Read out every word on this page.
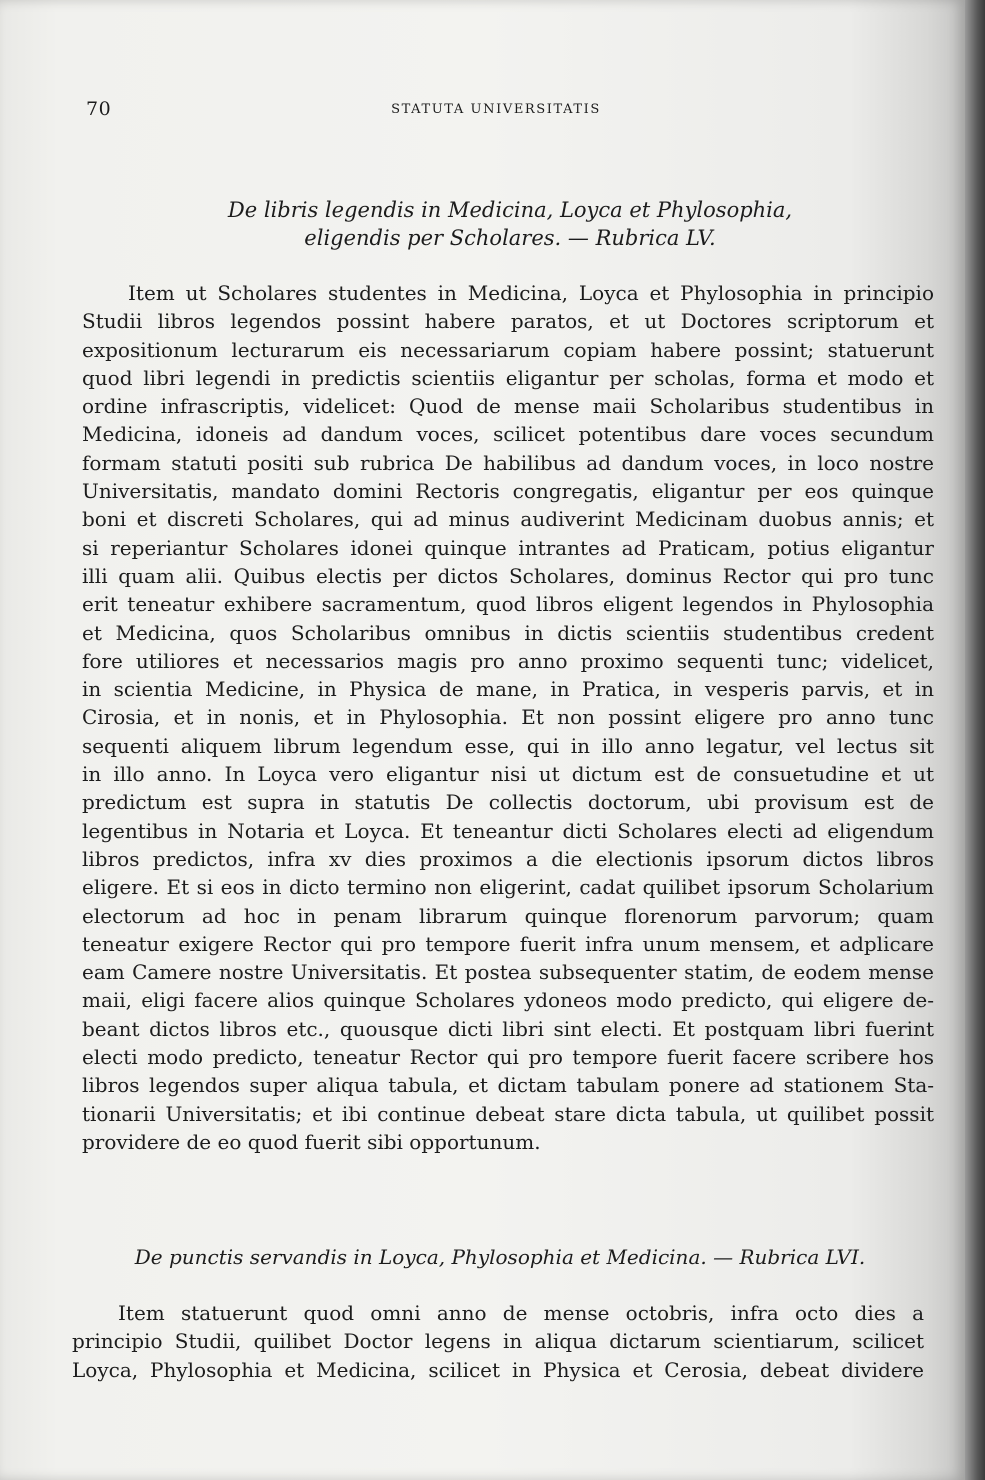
70	STATUTA UNIVERSITATIS
De libris legendis in Medicina, Loyca et Phylosophia,
eligendis per Scholares. — Rubrica LV.
Item ut Scholares studentes in Medicina, Loyca et Phylosophia in principio
Studii libros legendos possint habere paratos, et ut Doctores scriptorum et
expositionum lecturarum eis necessariarum copiam habere possint; statuerunt
quod libri legendi in predictis scientiis eligantur per scholas, forma et modo et
ordine infrascriptis, videlicet: Quod de mense maii Scholaribus studentibus in
Medicina, idoneis ad dandum voces, scilicet potentibus dare voces secundum
formam statuti positi sub rubrica De habilibus ad dandum voces, in loco nostre
Universitatis, mandato domini Rectoris congregatis, eligantur per eos quinque
boni et discreti Scholares, qui ad minus audiverint Medicinam duobus annis; et
si reperiantur Scholares idonei quinque intrantes ad Praticam, potius eligantur
illi quam alii. Quibus electis per dictos Scholares, dominus Rector qui pro tunc
erit teneatur exhibere sacramentum, quod libros eligent legendos in Phylosophia
et Medicina, quos Scholaribus omnibus in dictis scientiis studentibus credent
fore utiliores et necessarios magis pro anno proximo sequenti tunc; videlicet,
in scientia Medicine, in Physica de mane, in Pratica, in vesperis parvis, et in
Cirosia, et in nonis, et in Phylosophia. Et non possint eligere pro anno tunc
sequenti aliquem librum legendum esse, qui in illo anno legatur, vel lectus sit
in illo anno. In Loyca vero eligantur nisi ut dictum est de consuetudine et ut
predictum est supra in statutis De collectis doctorum, ubi provisum est de
legentibus in Notaria et Loyca. Et teneantur dicti Scholares electi ad eligendum
libros predictos, infra xv dies proximos a die electionis ipsorum dictos libros
eligere. Et si eos in dicto termino non eligerint, cadat quilibet ipsorum Scholarium
electorum ad hoc in penam librarum quinque florenorum parvorum; quam
teneatur exigere Rector qui pro tempore fuerit infra unum mensem, et adplicare
eam Camere nostre Universitatis. Et postea subsequenter statim, de eodem mense
maii, eligi facere alios quinque Scholares ydoneos modo predicto, qui eligere de-
beant dictos libros etc., quousque dicti libri sint electi. Et postquam libri fuerint
electi modo predicto, teneatur Rector qui pro tempore fuerit facere scribere hos
libros legendos super aliqua tabula, et dictam tabulam ponere ad stationem Sta-
tionarii Universitatis; et ibi continue debeat stare dicta tabula, ut quilibet possit
providere de eo quod fuerit sibi opportunum.
De punctis servandis in Loyca, Phylosophia et Medicina. — Rubrica LVI.
Item statuerunt quod omni anno de mense octobris, infra octo dies a
principio Studii, quilibet Doctor legens in aliqua dictarum scientiarum, scilicet
Loyca, Phylosophia et Medicina, scilicet in Physica et Cerosia, debeat dividere
